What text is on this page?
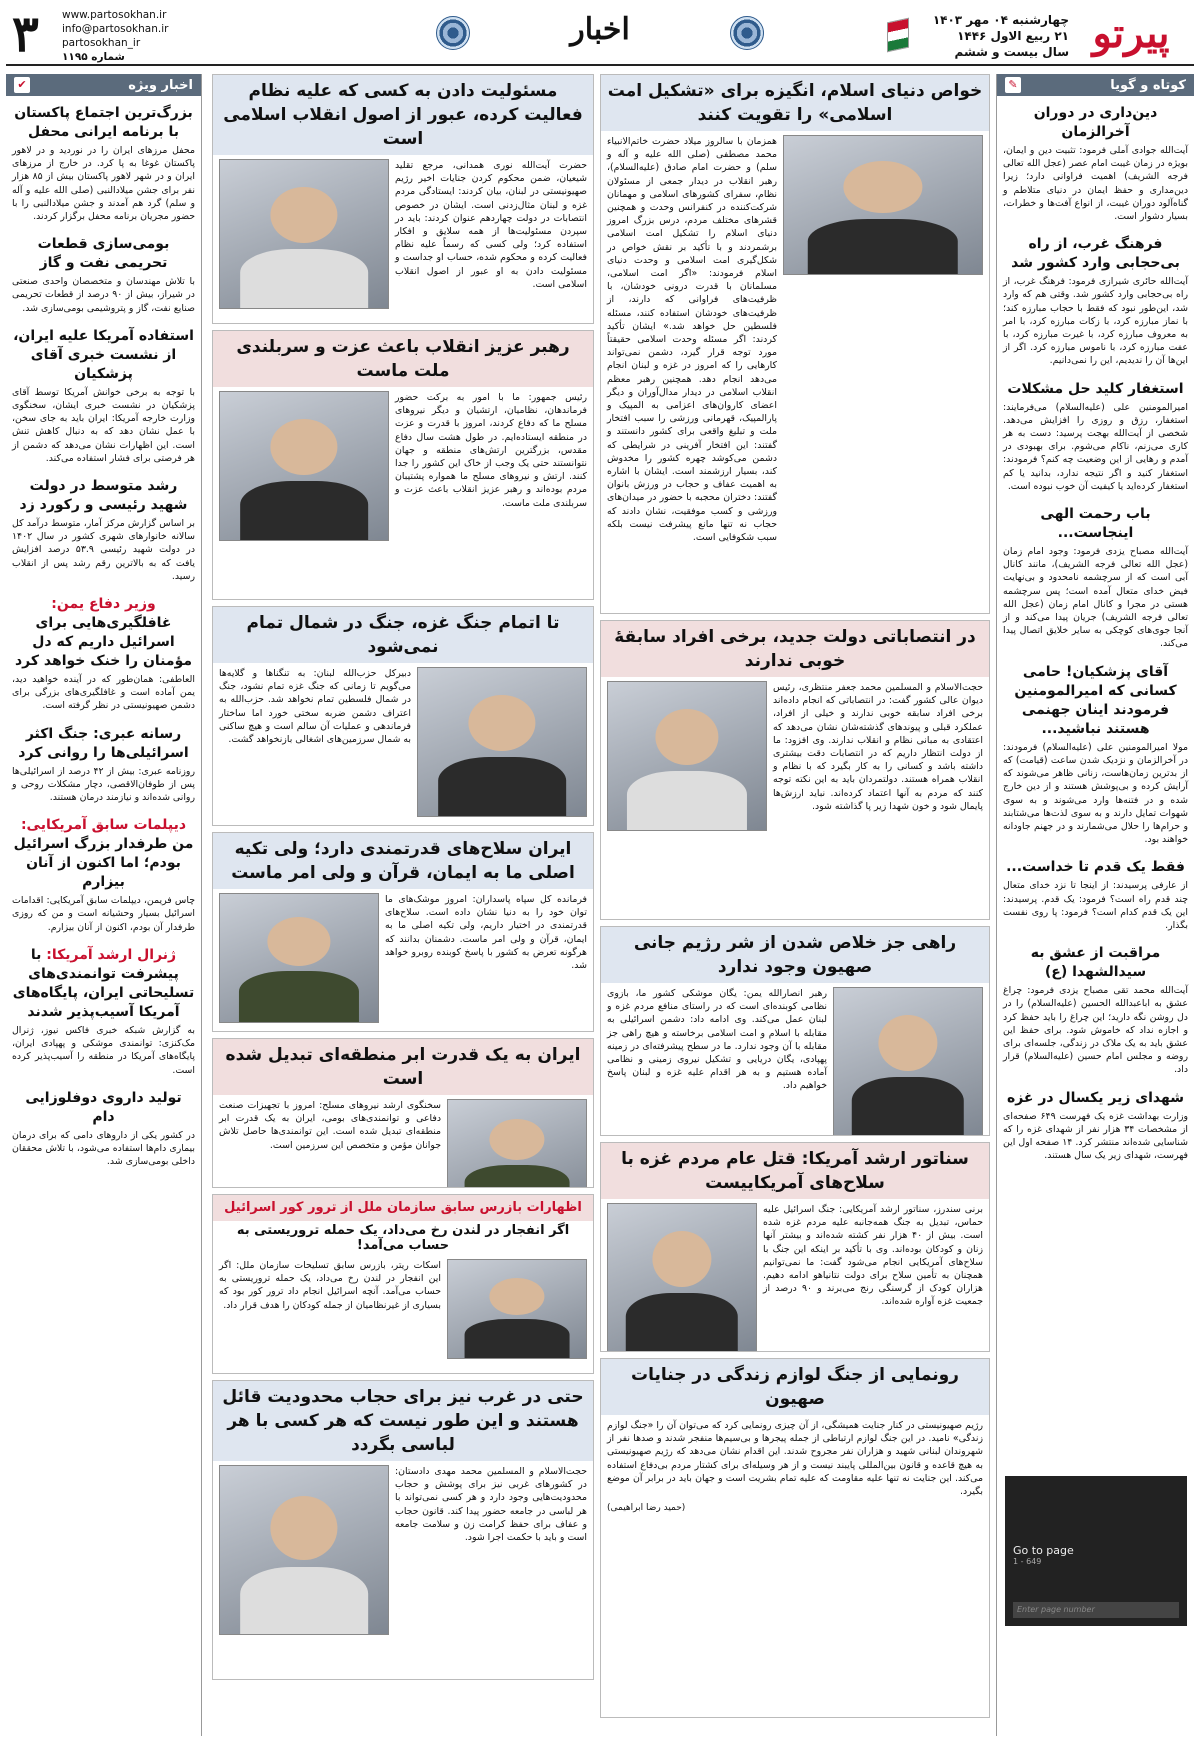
پیرتو
چهارشنبه ۰۴ مهر ۱۴۰۳
۲۱ ربیع الاول ۱۴۴۶
سال بیست و ششم
اخبار
www.partosokhan.ir
info@partosokhan.ir
partosokhan_ir
شماره ۱۱۹۵
۳
کوتاه و گویا
✎
دین‌داری در دوران آخرالزمان
آیت‌الله جوادی آملی فرمود: تثبیت دین و ایمان، بویژه در زمان غیبت امام عصر (عجل الله تعالی فرجه الشریف) اهمیت فراوانی دارد؛ زیرا دین‌مداری و حفظ ایمان در دنیای متلاطم و گناه‌آلود دوران غیبت، از انواع آفت‌ها و خطرات، بسیار دشوار است.
فرهنگ غرب، از راه بی‌حجابی وارد کشور شد
آیت‌الله حائری شیرازی فرمود: فرهنگ غرب، از راه بی‌حجابی وارد کشور شد. وقتی هم که وارد شد، این‌طور نبود که فقط با حجاب مبارزه کند؛ با نماز مبارزه کرد، با زکات مبارزه کرد، با امر به معروف مبارزه کرد، با غیرت مبارزه کرد، با عفت مبارزه کرد، با ناموس مبارزه کرد. اگر از این‌ها آن را ندیدیم، این را نمی‌دانیم.
استغفار کلید حل مشکلات
امیرالمومنین علی (علیه‌السلام) می‌فرمایند: استغفار، رزق و روزی را افزایش می‌دهد. شخصی از آیت‌الله بهجت پرسید: دست به هر کاری می‌زنم، ناکام می‌شوم. برای بهبودی در آمدم و رهایی از این وضعیت چه کنم؟ فرمودند: استغفار کنید و اگر نتیجه ندارد، بدانید یا کم استغفار کرده‌اید یا کیفیت آن خوب نبوده است.
باب رحمت الهی اینجاست...
آیت‌الله مصباح یزدی فرمود: وجود امام زمان (عجل الله تعالی فرجه الشریف)، مانند کانال آبی است که از سرچشمه نامحدود و بی‌نهایت فیض خدای متعال آمده است؛ پس سرچشمه هستی در مجرا و کانال امام زمان (عجل الله تعالی فرجه الشریف) جریان پیدا می‌کند و از آنجا جوی‌های کوچکی به سایر خلایق اتصال پیدا می‌کند.
آقای پزشکیان! حامی کسانی که امیرالمومنین فرمودند اینان جهنمی هستند نباشید...
مولا امیرالمومنین علی (علیه‌السلام) فرمودند: در آخرالزمان و نزدیک شدن ساعت (قیامت) که از بدترین زمان‌هاست، زنانی ظاهر می‌شوند که آرایش کرده و بی‌پوشش هستند و از دین خارج شده و در فتنه‌ها وارد می‌شوند و به سوی شهوات تمایل دارند و به سوی لذت‌ها می‌شتابند و حرام‌ها را حلال می‌شمارند و در جهنم جاودانه خواهند بود.
فقط یک قدم تا خداست...
از عارفی پرسیدند: از اینجا تا نزد خدای متعال چند قدم راه است؟ فرمود: یک قدم. پرسیدند: این یک قدم کدام است؟ فرمود: پا روی نفست بگذار.
مراقبت از عشق به سیدالشهدا (ع)
آیت‌الله محمد تقی مصباح یزدی فرمود: چراغ عشق به اباعبدالله الحسین (علیه‌السلام) را در دل روشن نگه دارید؛ این چراغ را باید حفظ کرد و اجازه نداد که خاموش شود. برای حفظ این عشق باید به یک ملاک در زندگی، جلسه‌ای برای روضه و مجلس امام حسین (علیه‌السلام) قرار داد.
شهدای زیر یکسال در غزه
وزارت بهداشت غزه یک فهرست ۶۴۹ صفحه‌ای از مشخصات ۳۴ هزار نفر از شهدای غزه را که شناسایی شده‌اند منتشر کرد. ۱۴ صفحه اول این فهرست، شهدای زیر یک سال هستند.
Go to page
1 - 649
Enter page number
خواص دنیای اسلام، انگیزه برای «تشکیل امت اسلامی» را تقویت کنند
همزمان با سالروز میلاد حضرت خاتم‌الانبیاء محمد مصطفی (صلی الله علیه و آله و سلم) و حضرت امام صادق (علیه‌السلام)، رهبر انقلاب در دیدار جمعی از مسئولان نظام، سفرای کشورهای اسلامی و مهمانان شرکت‌کننده در کنفرانس وحدت و همچنین قشرهای مختلف مردم، درس بزرگ امروز دنیای اسلام را تشکیل امت اسلامی برشمردند و با تأکید بر نقش خواص در شکل‌گیری امت اسلامی و وحدت دنیای اسلام فرمودند: «اگر امت اسلامی، مسلمانان با قدرت درونی خودشان، با ظرفیت‌های فراوانی که دارند، از ظرفیت‌های خودشان استفاده کنند، مسئله فلسطین حل خواهد شد.» ایشان تأکید کردند: اگر مسئله وحدت اسلامی حقیقتاً مورد توجه قرار گیرد، دشمن نمی‌تواند کارهایی را که امروز در غزه و لبنان انجام می‌دهد انجام دهد. همچنین رهبر معظم انقلاب اسلامی در دیدار مدال‌آوران و دیگر اعضای کاروان‌های اعزامی به المپیک و پارالمپیک، قهرمانی ورزشی را سبب افتخار ملت و تبلیغ واقعی برای کشور دانستند و گفتند: این افتخار آفرینی در شرایطی که دشمن می‌کوشد چهره کشور را مخدوش کند، بسیار ارزشمند است. ایشان با اشاره به اهمیت عفاف و حجاب در ورزش بانوان گفتند: دختران محجبه با حضور در میدان‌های ورزشی و کسب موفقیت، نشان دادند که حجاب نه تنها مانع پیشرفت نیست بلکه سبب شکوفایی است.
در انتصاباتی دولت جدید، برخی افراد سابقهٔ خوبی ندارند
حجت‌الاسلام و المسلمین محمد جعفر منتظری، رئیس دیوان عالی کشور گفت: در انتصاباتی که انجام داده‌اند برخی افراد سابقه خوبی ندارند و خیلی از افراد، عملکرد قبلی و پیوندهای گذشته‌شان نشان می‌دهد که اعتقادی به مبانی نظام و انقلاب ندارند. وی افزود: ما از دولت انتظار داریم که در انتصابات دقت بیشتری داشته باشد و کسانی را به کار بگیرد که با نظام و انقلاب همراه هستند. دولتمردان باید به این نکته توجه کنند که مردم به آنها اعتماد کرده‌اند. نباید ارزش‌ها پایمال شود و خون شهدا زیر پا گذاشته شود.
راهی جز خلاص شدن از شر رژیم جانی صهیون وجود ندارد
رهبر انصارالله یمن: یگان موشکی کشور ما، بازوی نظامی کوبنده‌ای است که در راستای منافع مردم غزه و لبنان عمل می‌کند. وی ادامه داد: دشمن اسرائیلی به مقابله با اسلام و امت اسلامی برخاسته و هیچ راهی جز مقابله با آن وجود ندارد. ما در سطح پیشرفته‌ای در زمینه پهپادی، یگان دریایی و تشکیل نیروی زمینی و نظامی آماده هستیم و به هر اقدام علیه غزه و لبنان پاسخ خواهیم داد.
سناتور ارشد آمریکا: قتل عام مردم غزه با سلاح‌های آمریکاییست
برنی سندرز، سناتور ارشد آمریکایی: جنگ اسرائیل علیه حماس، تبدیل به جنگ همه‌جانبه علیه مردم غزه شده است. بیش از ۴۰ هزار نفر کشته شده‌اند و بیشتر آنها زنان و کودکان بوده‌اند. وی با تأکید بر اینکه این جنگ با سلاح‌های آمریکایی انجام می‌شود گفت: ما نمی‌توانیم همچنان به تأمین سلاح برای دولت نتانیاهو ادامه دهیم. هزاران کودک از گرسنگی رنج می‌برند و ۹۰ درصد از جمعیت غزه آواره شده‌اند.
رونمایی از جنگ لوازم زندگی در جنایات صهیون
رژیم صهیونیستی در کنار جنایت همیشگی، از آن چیزی رونمایی کرد که می‌توان آن را «جنگ لوازم زندگی» نامید. در این جنگ لوازم ارتباطی از جمله پیجرها و بی‌سیم‌ها منفجر شدند و صدها نفر از شهروندان لبنانی شهید و هزاران نفر مجروح شدند. این اقدام نشان می‌دهد که رژیم صهیونیستی به هیچ قاعده و قانون بین‌المللی پایبند نیست و از هر وسیله‌ای برای کشتار مردم بی‌دفاع استفاده می‌کند. این جنایت نه تنها علیه مقاومت که علیه تمام بشریت است و جهان باید در برابر آن موضع بگیرد.
(حمید رضا ابراهیمی)
مسئولیت دادن به کسی که علیه نظام فعالیت کرده، عبور از اصول انقلاب اسلامی است
حضرت آیت‌الله نوری همدانی، مرجع تقلید شیعیان، ضمن محکوم کردن جنایات اخیر رژیم صهیونیستی در لبنان، بیان کردند: ایستادگی مردم غزه و لبنان مثال‌زدنی است. ایشان در خصوص انتصابات در دولت چهاردهم عنوان کردند: باید در سپردن مسئولیت‌ها از همه سلایق و افکار استفاده کرد؛ ولی کسی که رسماً علیه نظام فعالیت کرده و محکوم شده، حساب او جداست و مسئولیت دادن به او عبور از اصول انقلاب اسلامی است.
رهبر عزیز انقلاب باعث عزت و سربلندی ملت ماست
رئیس جمهور: ما با امور به برکت حضور فرماندهان، نظامیان، ارتشیان و دیگر نیروهای مسلح ما که دفاع کردند، امروز با قدرت و عزت در منطقه ایستاده‌ایم. در طول هشت سال دفاع مقدس، بزرگترین ارتش‌های منطقه و جهان نتوانستند حتی یک وجب از خاک این کشور را جدا کنند. ارتش و نیروهای مسلح ما همواره پشتیبان مردم بوده‌اند و رهبر عزیز انقلاب باعث عزت و سربلندی ملت ماست.
تا اتمام جنگ غزه، جنگ در شمال تمام نمی‌شود
دبیرکل حزب‌الله لبنان: به تنگناها و گلایه‌ها می‌گویم تا زمانی که جنگ غزه تمام نشود، جنگ در شمال فلسطین تمام نخواهد شد. حزب‌الله به اعتراف دشمن ضربه سختی خورد اما ساختار فرماندهی و عملیات آن سالم است و هیچ ساکنی به شمال سرزمین‌های اشغالی بازنخواهد گشت.
ایران سلاح‌های قدرتمندی دارد؛ ولی تکیه اصلی ما به ایمان، قرآن و ولی امر ماست
فرمانده کل سپاه پاسداران: امروز موشک‌های ما توان خود را به دنیا نشان داده است. سلاح‌های قدرتمندی در اختیار داریم، ولی تکیه اصلی ما به ایمان، قرآن و ولی امر ماست. دشمنان بدانند که هرگونه تعرض به کشور با پاسخ کوبنده روبرو خواهد شد.
ایران به یک قدرت ابر منطقه‌ای تبدیل شده است
سخنگوی ارشد نیروهای مسلح: امروز با تجهیزات صنعت دفاعی و توانمندی‌های بومی، ایران به یک قدرت ابر منطقه‌ای تبدیل شده است. این توانمندی‌ها حاصل تلاش جوانان مؤمن و متخصص این سرزمین است.
اظهارات بازرس سابق سازمان ملل از ترور کور اسرائیل
اگر انفجار در لندن رخ می‌داد، یک حمله تروریستی به حساب می‌آمد!
اسکات ریتر، بازرس سابق تسلیحات سازمان ملل: اگر این انفجار در لندن رخ می‌داد، یک حمله تروریستی به حساب می‌آمد. آنچه اسرائیل انجام داد ترور کور بود که بسیاری از غیرنظامیان از جمله کودکان را هدف قرار داد.
حتی در غرب نیز برای حجاب محدودیت قائل هستند و این طور نیست که هر کسی با هر لباسی بگردد
حجت‌الاسلام و المسلمین محمد مهدی دادستان: در کشورهای غربی نیز برای پوشش و حجاب محدودیت‌هایی وجود دارد و هر کسی نمی‌تواند با هر لباسی در جامعه حضور پیدا کند. قانون حجاب و عفاف برای حفظ کرامت زن و سلامت جامعه است و باید با حکمت اجرا شود.
اخبار ویژه
✔
بزرگ‌ترین اجتماع پاکستان با برنامه ایرانی محفل
محفل مرزهای ایران را در نوردید و در لاهور پاکستان غوغا به پا کرد. در خارج از مرزهای ایران و در شهر لاهور پاکستان بیش از ۸۵ هزار نفر برای جشن میلادالنبی (صلی الله علیه و آله و سلم) گرد هم آمدند و جشن میلادالنبی را با حضور مجریان برنامه محفل برگزار کردند.
بومی‌سازی قطعات تحریمی نفت و گاز
با تلاش مهندسان و متخصصان واحدی صنعتی در شیراز، بیش از ۹۰ درصد از قطعات تحریمی صنایع نفت، گاز و پتروشیمی بومی‌سازی شد.
استفاده آمریکا علیه ایران، از نشست خبری آقای پزشکیان
با توجه به برخی خوانش آمریکا توسط آقای پزشکیان در نشست خبری ایشان، سخنگوی وزارت خارجه آمریکا: ایران باید به جای سخن، با عمل نشان دهد که به دنبال کاهش تنش است. این اظهارات نشان می‌دهد که دشمن از هر فرصتی برای فشار استفاده می‌کند.
رشد متوسط در دولت شهید رئیسی و رکورد زد
بر اساس گزارش مرکز آمار، متوسط درآمد کل سالانه خانوارهای شهری کشور در سال ۱۴۰۲ در دولت شهید رئیسی ۵۳.۹ درصد افزایش یافت که به بالاترین رقم رشد پس از انقلاب رسید.
وزیر دفاع یمن: غافلگیری‌هایی برای اسرائیل داریم که دل مؤمنان را خنک خواهد کرد
العاطفی: همان‌طور که در آینده خواهید دید، یمن آماده است و غافلگیری‌های بزرگی برای دشمن صهیونیستی در نظر گرفته است.
رسانه عبری: جنگ اکثر اسرائیلی‌ها را روانی کرد
روزنامه عبری: بیش از ۴۲ درصد از اسرائیلی‌ها پس از طوفان‌الاقصی، دچار مشکلات روحی و روانی شده‌اند و نیازمند درمان هستند.
دیپلمات سابق آمریکایی: من طرفدار بزرگ اسرائیل بودم؛ اما اکنون از آنان بیزارم
چاس فریمن، دیپلمات سابق آمریکایی: اقدامات اسرائیل بسیار وحشیانه است و من که روزی طرفدار آن بودم، اکنون از آنان بیزارم.
ژنرال ارشد آمریکا: با پیشرفت توانمندی‌های تسلیحاتی ایران، پایگاه‌های آمریکا آسیب‌پذیر شدند
به گزارش شبکه خبری فاکس نیوز، ژنرال مک‌کنزی: توانمندی موشکی و پهپادی ایران، پایگاه‌های آمریکا در منطقه را آسیب‌پذیر کرده است.
تولید داروی دوفلوزایی دام
در کشور یکی از داروهای دامی که برای درمان بیماری دام‌ها استفاده می‌شود، با تلاش محققان داخلی بومی‌سازی شد.
